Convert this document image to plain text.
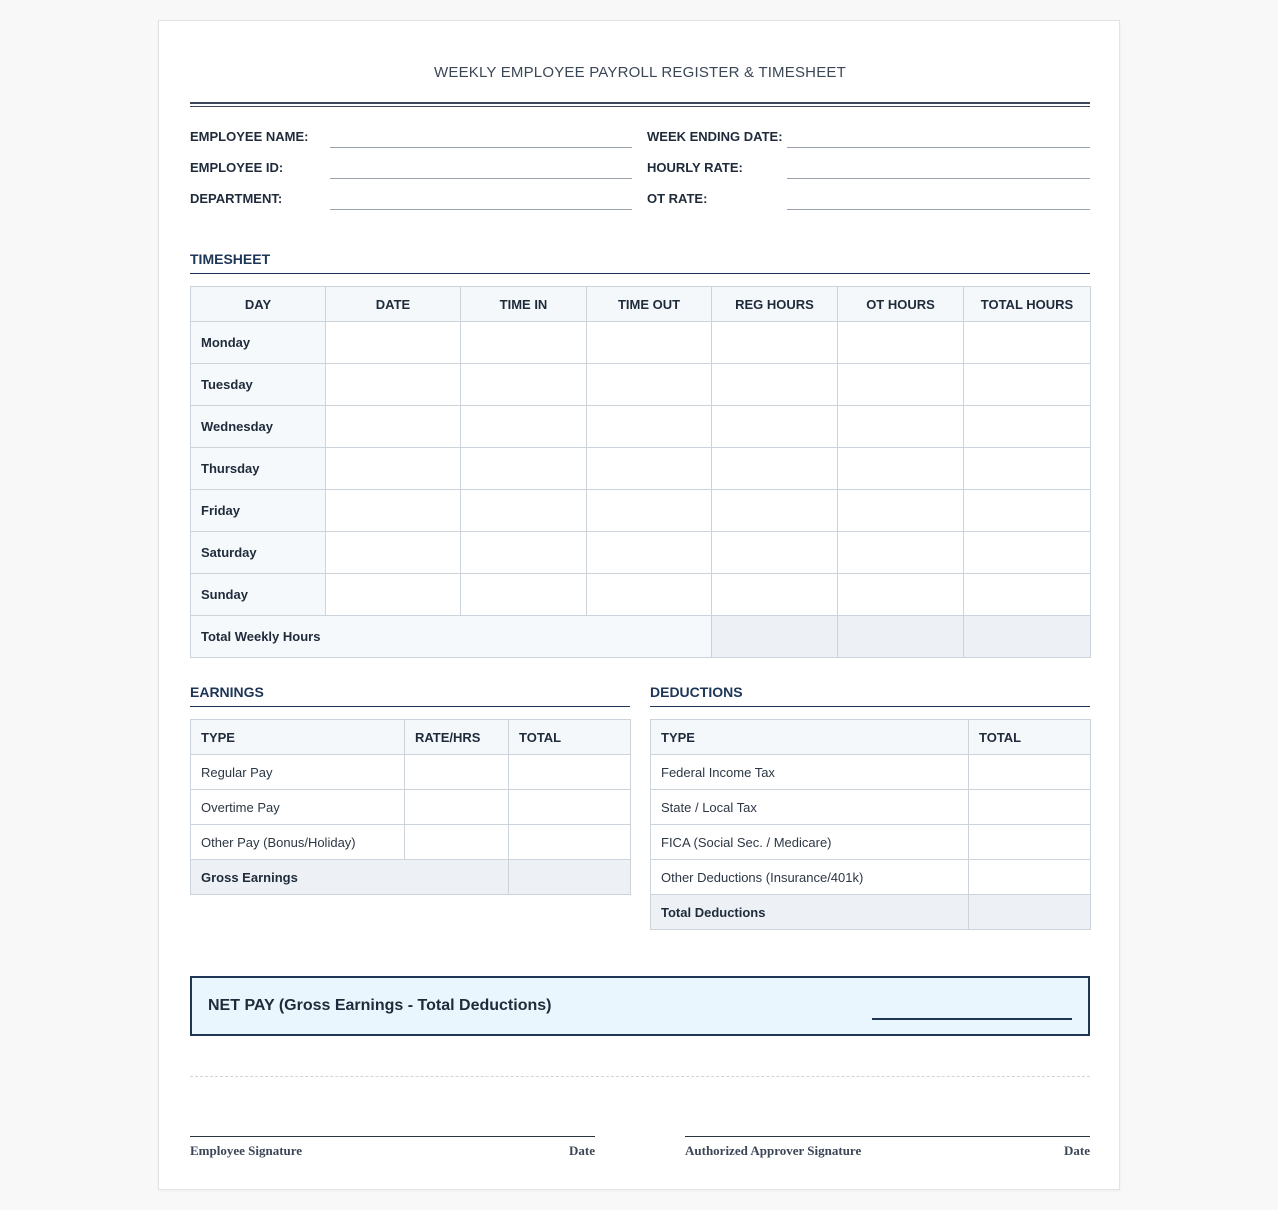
WEEKLY EMPLOYEE PAYROLL REGISTER & TIMESHEET
EMPLOYEE NAME:
EMPLOYEE ID:
DEPARTMENT:
WEEK ENDING DATE:
HOURLY RATE:
OT RATE:
TIMESHEET
DAY	DATE	TIME IN	TIME OUT	REG HOURS	OT HOURS	TOTAL HOURS
Monday						
Tuesday						
Wednesday						
Thursday						
Friday						
Saturday						
Sunday						
Total Weekly Hours						
EARNINGS
TYPE	RATE/HRS	TOTAL
Regular Pay		
Overtime Pay		
Other Pay (Bonus/Holiday)		
Gross Earnings		
DEDUCTIONS
TYPE	TOTAL
Federal Income Tax	
State / Local Tax	
FICA (Social Sec. / Medicare)	
Other Deductions (Insurance/401k)	
Total Deductions	
NET PAY (Gross Earnings - Total Deductions)
Employee Signature	Date	Authorized Approver Signature	Date
